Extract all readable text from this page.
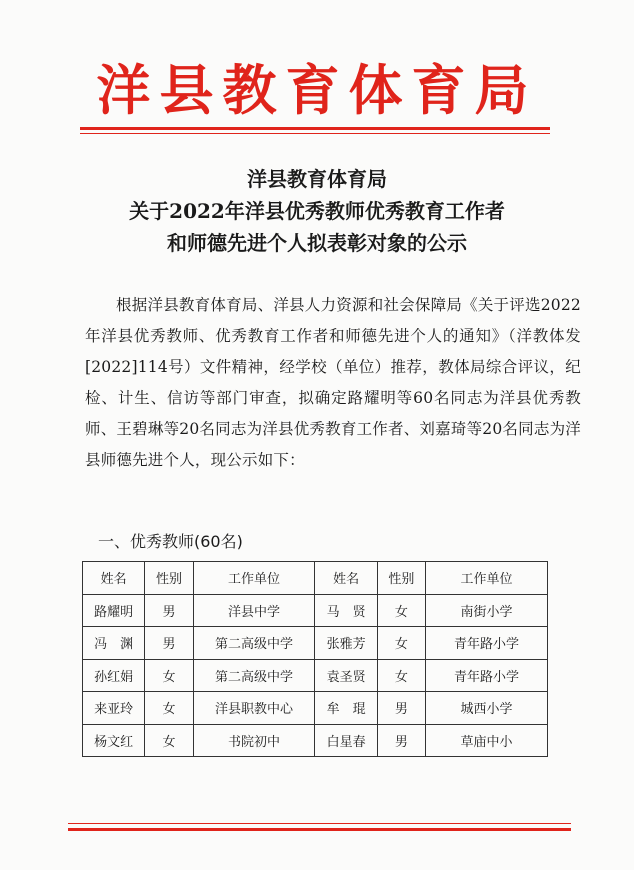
洋县教育体育局
洋县教育体育局
关于2022年洋县优秀教师优秀教育工作者
和师德先进个人拟表彰对象的公示
根据洋县教育体育局、洋县人力资源和社会保障局《关于评选2022年洋县优秀教师、优秀教育工作者和师德先进个人的通知》（洋教体发[2022]114号）文件精神，经学校（单位）推荐，教体局综合评议，纪检、计生、信访等部门审查，拟确定路耀明等60名同志为洋县优秀教师、王碧琳等20名同志为洋县优秀教育工作者、刘嘉琦等20名同志为洋县师德先进个人，现公示如下：
一、优秀教师(60名)
姓名	性别	工作单位	姓名	性别	工作单位
路耀明	男	洋县中学	马　贤	女	南街小学
冯　渊	男	第二高级中学	张雅芳	女	青年路小学
孙红娟	女	第二高级中学	袁圣贤	女	青年路小学
来亚玲	女	洋县职教中心	牟　琨	男	城西小学
杨文红	女	书院初中	白星春	男	草庙中小
